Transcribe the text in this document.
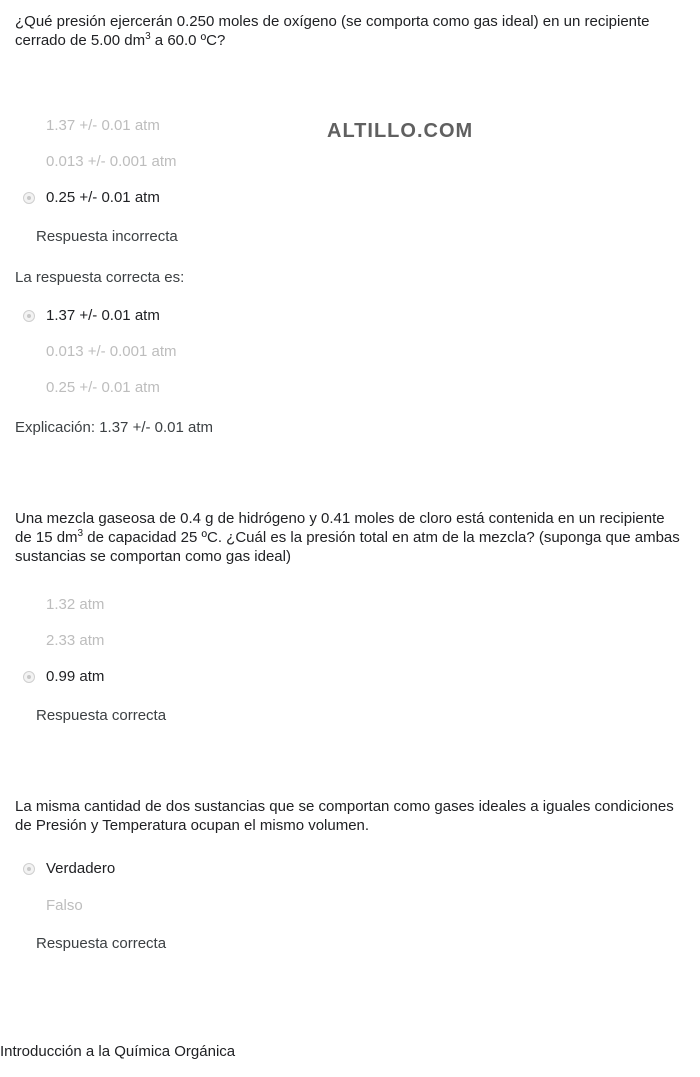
¿Qué presión ejercerán 0.250 moles de oxígeno (se comporta como gas ideal) en un recipiente cerrado de 5.00 $dm^3$ a 60.0 ºC?
ALTILLO.COM
1.37 +/- 0.01 atm
0.013 +/- 0.001 atm
0.25 +/- 0.01 atm
Respuesta incorrecta
La respuesta correcta es:
1.37 +/- 0.01 atm
0.013 +/- 0.001 atm
0.25 +/- 0.01 atm
Explicación: 1.37 +/- 0.01 atm
Una mezcla gaseosa de 0.4 g de hidrógeno y 0.41 moles de cloro está contenida en un recipiente de 15 $dm^3$ de capacidad 25 ºC. ¿Cuál es la presión total en atm de la mezcla? (suponga que ambas sustancias se comportan como gas ideal)
1.32 atm
2.33 atm
0.99 atm
Respuesta correcta
La misma cantidad de dos sustancias que se comportan como gases ideales a iguales condiciones de Presión y Temperatura ocupan el mismo volumen.
Verdadero
Falso
Respuesta correcta
Introducción a la Química Orgánica
